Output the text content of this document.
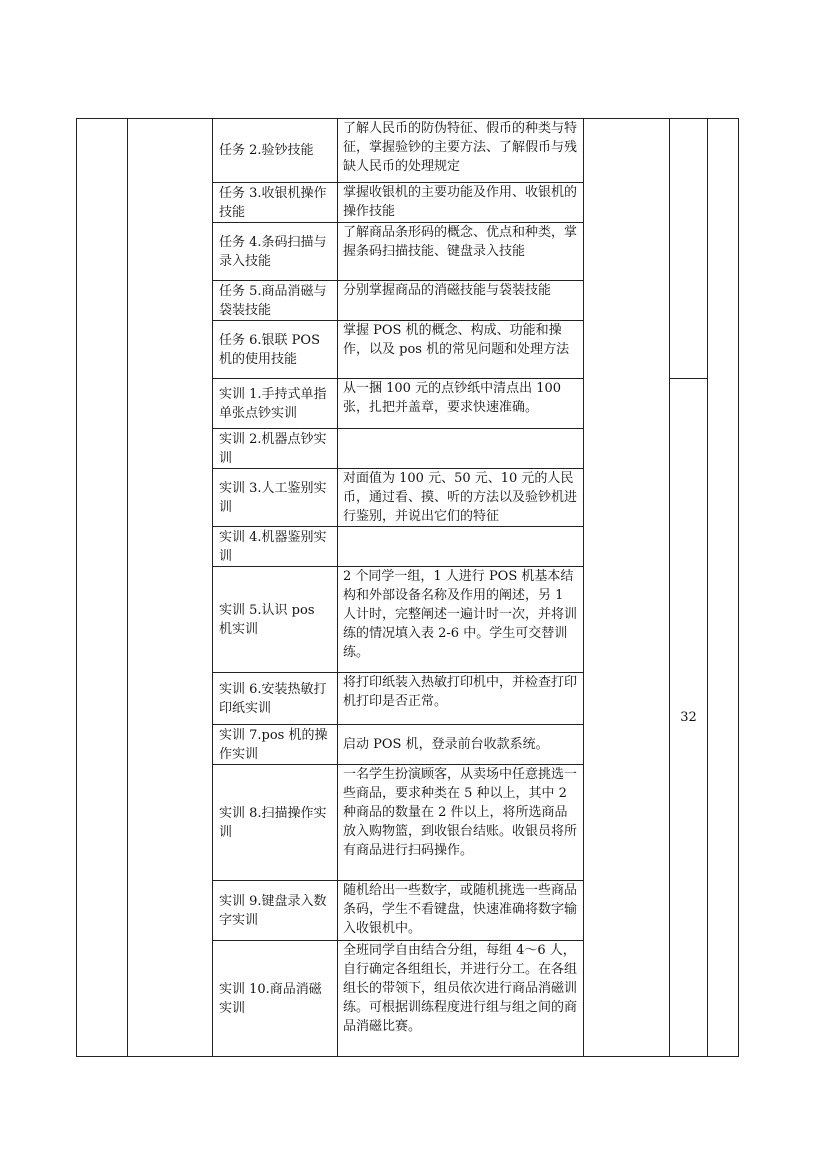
		任务 2.验钞技能	了解人民币的防伪特征、假币的种类与特征，掌握验钞的主要方法、了解假币与残缺人民币的处理规定			
		任务 3.收银机操作技能	掌握收银机的主要功能及作用、收银机的操作技能			
		任务 4.条码扫描与录入技能	了解商品条形码的概念、优点和种类，掌握条码扫描技能、键盘录入技能			
		任务 5.商品消磁与袋装技能	分别掌握商品的消磁技能与袋装技能			
		任务 6.银联 POS 机的使用技能	掌握 POS 机的概念、构成、功能和操作，以及 pos 机的常见问题和处理方法			
		实训 1.手持式单指单张点钞实训	从一捆 100 元的点钞纸中清点出 100 张，扎把并盖章，要求快速准确。		32	
		实训 2.机器点钞实训				
		实训 3.人工鉴别实训	对面值为 100 元、50 元、10 元的人民币，通过看、摸、听的方法以及验钞机进行鉴别，并说出它们的特征			
		实训 4.机器鉴别实训				
		实训 5.认识 pos 机实训	2 个同学一组，1 人进行 POS 机基本结构和外部设备名称及作用的阐述，另 1 人计时，完整阐述一遍计时一次，并将训练的情况填入表 2-6 中。学生可交替训练。			
		实训 6.安装热敏打印纸实训	将打印纸装入热敏打印机中，并检查打印机打印是否正常。			
		实训 7.pos 机的操作实训	启动 POS 机，登录前台收款系统。			
		实训 8.扫描操作实训	一名学生扮演顾客，从卖场中任意挑选一些商品，要求种类在 5 种以上，其中 2 种商品的数量在 2 件以上，将所选商品放入购物篮，到收银台结账。收银员将所有商品进行扫码操作。			
		实训 9.键盘录入数字实训	随机给出一些数字，或随机挑选一些商品条码，学生不看键盘，快速准确将数字输入收银机中。			
		实训 10.商品消磁实训	全班同学自由结合分组，每组 4～6 人，自行确定各组组长，并进行分工。在各组组长的带领下，组员依次进行商品消磁训练。可根据训练程度进行组与组之间的商品消磁比赛。			
